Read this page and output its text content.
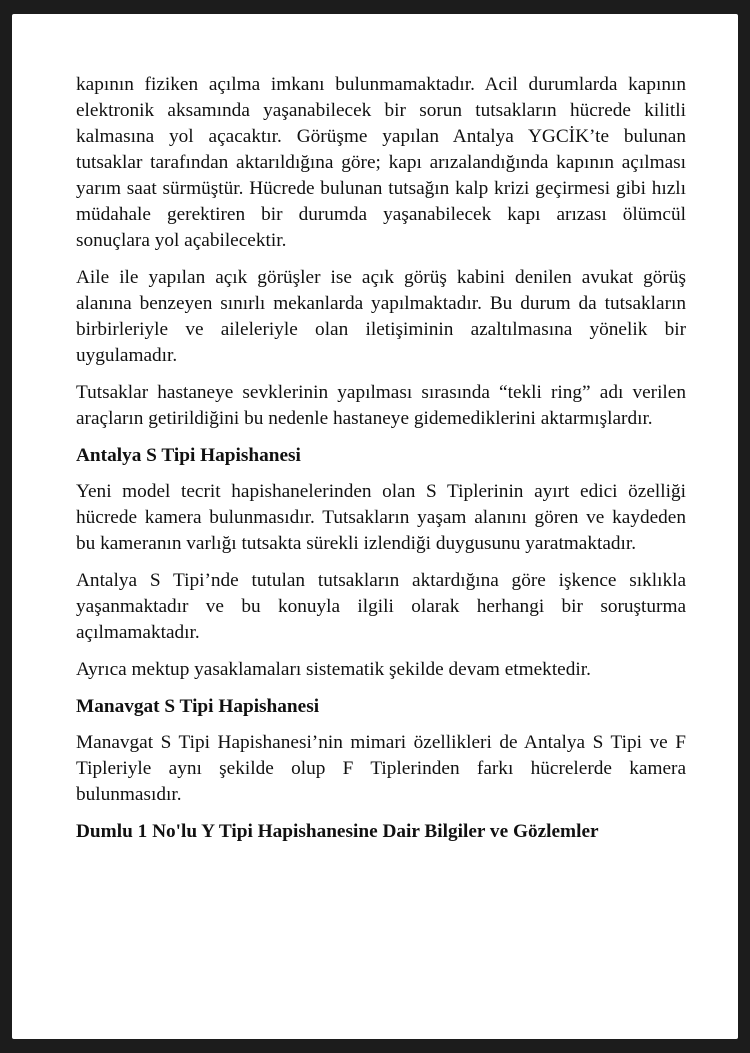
kapının fiziken açılma imkanı bulunmamaktadır. Acil durumlarda kapının elektronik aksamında yaşanabilecek bir sorun tutsakların hücrede kilitli kalmasına yol açacaktır. Görüşme yapılan Antalya YGCİK’te bulunan tutsaklar tarafından aktarıldığına göre; kapı arızalandığında kapının açılması yarım saat sürmüştür. Hücrede bulunan tutsağın kalp krizi geçirmesi gibi hızlı müdahale gerektiren bir durumda yaşanabilecek kapı arızası ölümcül sonuçlara yol açabilecektir.

Aile ile yapılan açık görüşler ise açık görüş kabini denilen avukat görüş alanına benzeyen sınırlı mekanlarda yapılmaktadır. Bu durum da tutsakların birbirleriyle ve aileleriyle olan iletişiminin azaltılmasına yönelik bir uygulamadır.

Tutsaklar hastaneye sevklerinin yapılması sırasında “tekli ring” adı verilen araçların getirildiğini bu nedenle hastaneye gidemediklerini aktarmışlardır.

Antalya S Tipi Hapishanesi

Yeni model tecrit hapishanelerinden olan S Tiplerinin ayırt edici özelliği hücrede kamera bulunmasıdır. Tutsakların yaşam alanını gören ve kaydeden bu kameranın varlığı tutsakta sürekli izlendiği duygusunu yaratmaktadır.

Antalya S Tipi’nde tutulan tutsakların aktardığına göre işkence sıklıkla yaşanmaktadır ve bu konuyla ilgili olarak herhangi bir soruşturma açılmamaktadır.

Ayrıca mektup yasaklamaları sistematik şekilde devam etmektedir.

Manavgat S Tipi Hapishanesi

Manavgat S Tipi Hapishanesi’nin mimari özellikleri de Antalya S Tipi ve F Tipleriyle aynı şekilde olup F Tiplerinden farkı hücrelerde kamera bulunmasıdır.

Dumlu 1 No'lu Y Tipi Hapishanesine Dair Bilgiler ve Gözlemler
